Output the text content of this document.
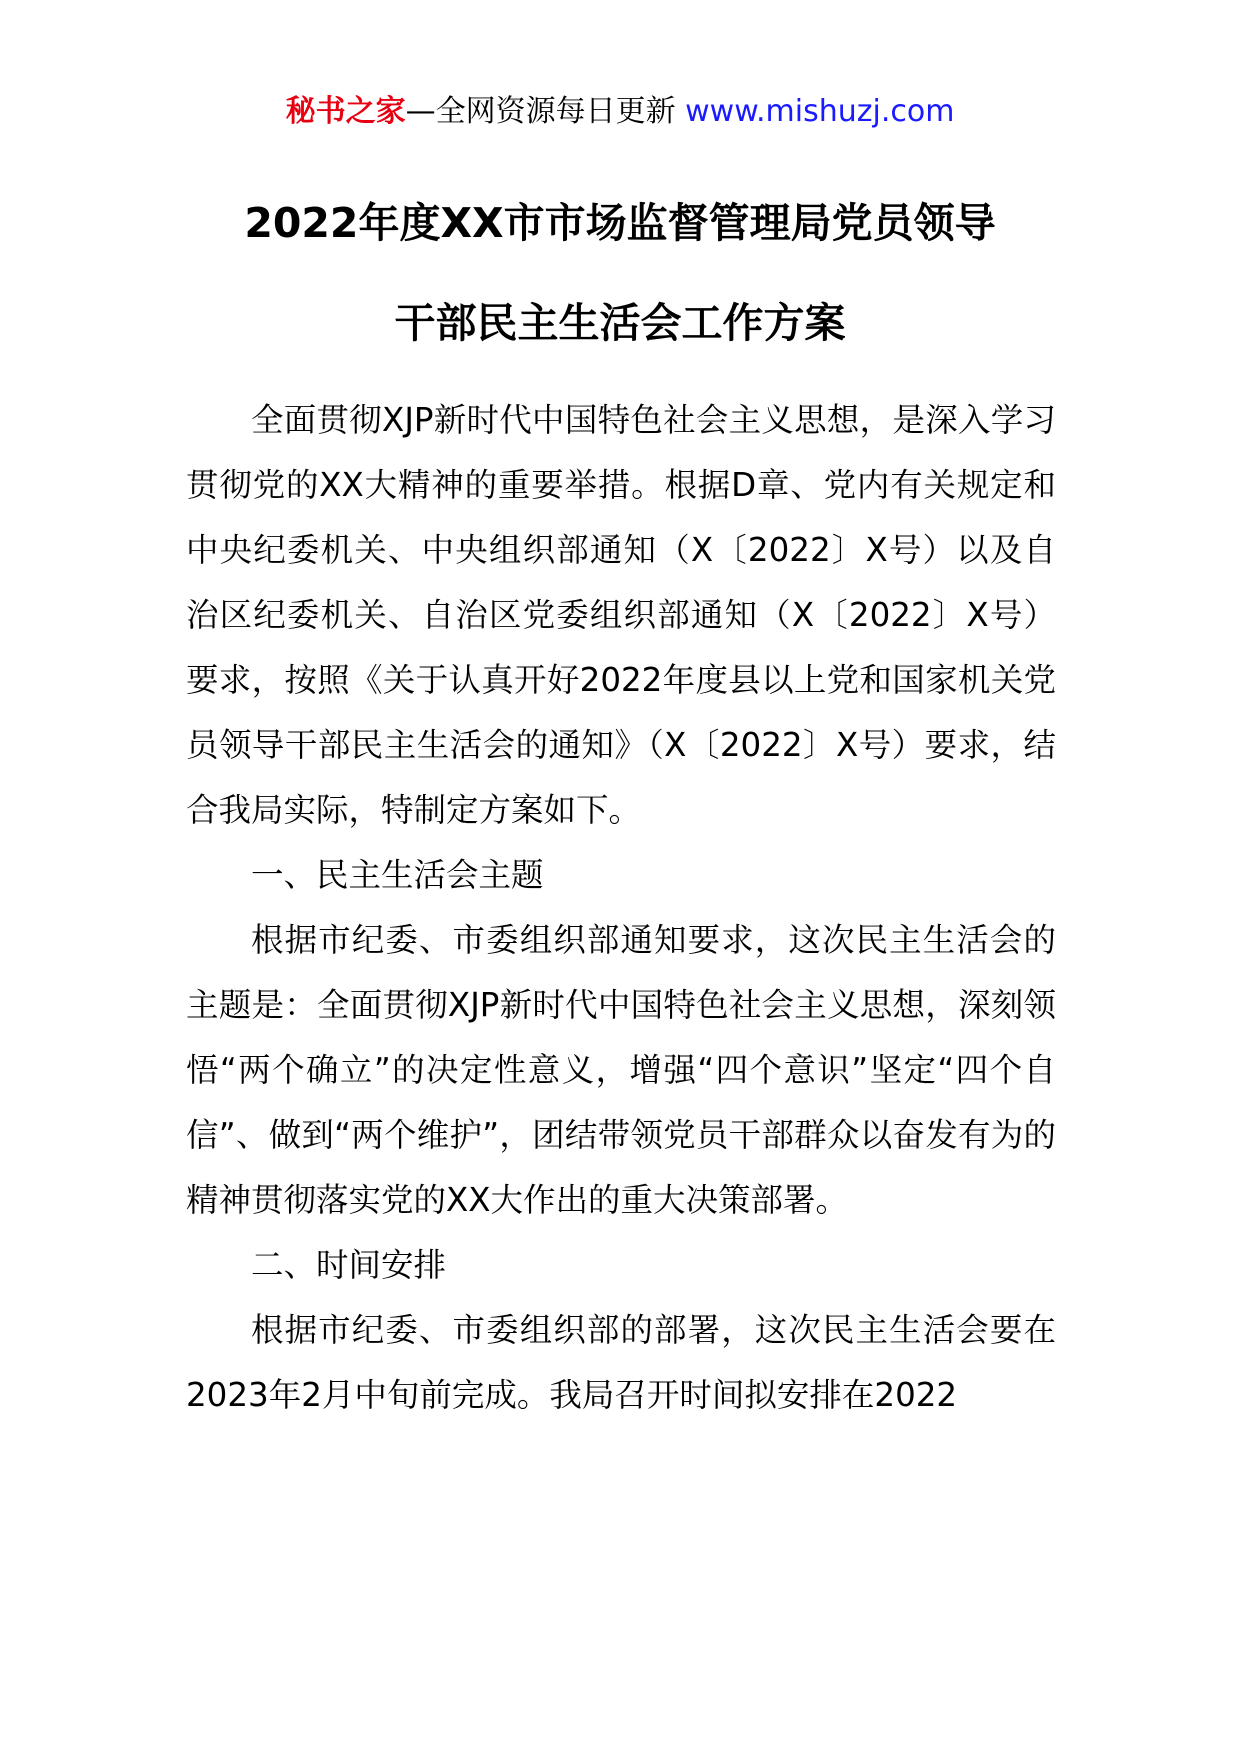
秘书之家—全网资源每日更新 www.mishuzj.com
2022年度XX市市场监督管理局党员领导
干部民主生活会工作方案

全面贯彻XJP新时代中国特色社会主义思想，是深入学习贯彻党的XX大精神的重要举措。根据D章、党内有关规定和中央纪委机关、中央组织部通知（X〔2022〕X号）以及自治区纪委机关、自治区党委组织部通知（X〔2022〕X号）要求，按照《关于认真开好2022年度县以上党和国家机关党员领导干部民主生活会的通知》（X〔2022〕X号）要求，结合我局实际，特制定方案如下。

一、民主生活会主题

根据市纪委、市委组织部通知要求，这次民主生活会的主题是：全面贯彻XJP新时代中国特色社会主义思想，深刻领悟“两个确立”的决定性意义，增强“四个意识”坚定“四个自信”、做到“两个维护”，团结带领党员干部群众以奋发有为的精神贯彻落实党的XX大作出的重大决策部署。

二、时间安排

根据市纪委、市委组织部的部署，这次民主生活会要在2023年2月中旬前完成。我局召开时间拟安排在2022
